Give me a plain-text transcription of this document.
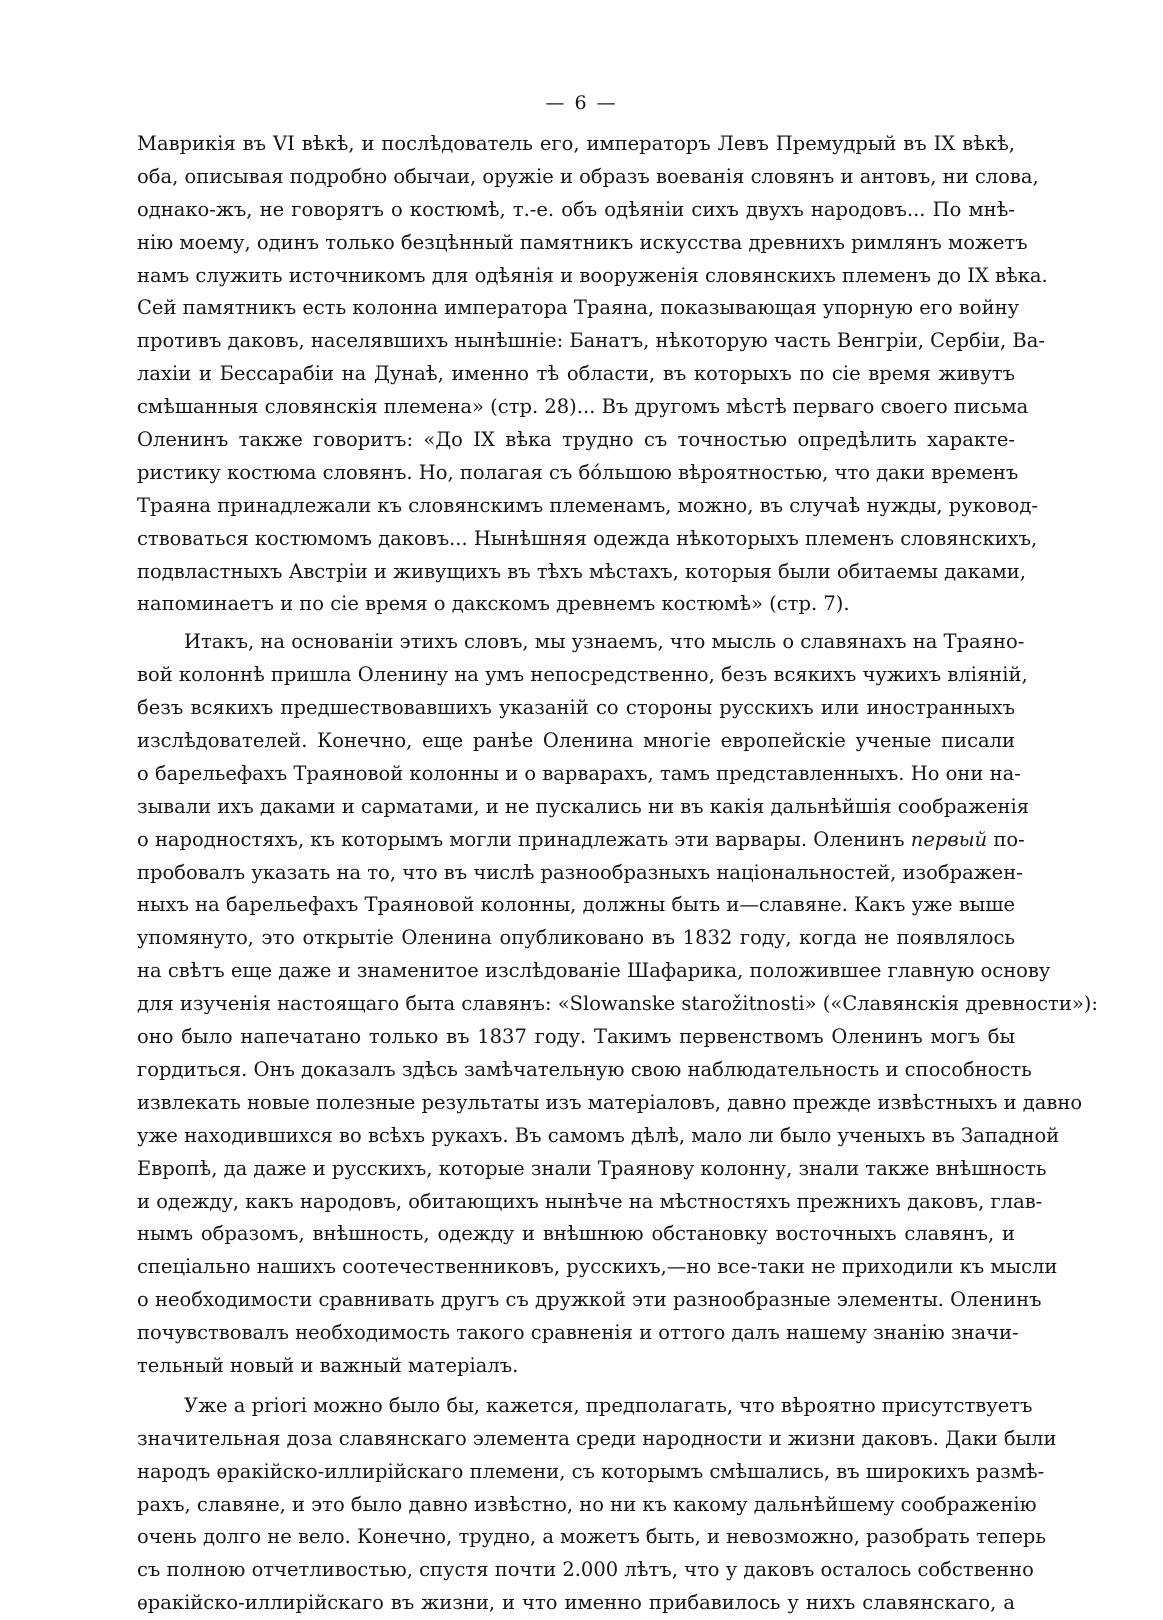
— 6 —
Маврикія въ VI вѣкѣ, и послѣдователь его, императоръ Левъ Премудрый въ IX вѣкѣ,
оба, описывая подробно обычаи, оружіе и образъ воеванія словянъ и антовъ, ни слова,
однако-жъ, не говорятъ о костюмѣ, т.-е. объ одѣяніи сихъ двухъ народовъ... По мнѣ-
нію моему, одинъ только безцѣнный памятникъ искусства древнихъ римлянъ можетъ
намъ служить источникомъ для одѣянія и вооруженія словянскихъ племенъ до IX вѣка.
Сей памятникъ есть колонна императора Траяна, показывающая упорную его войну
противъ даковъ, населявшихъ нынѣшніе: Банатъ, нѣкоторую часть Венгріи, Сербіи, Ва-
лахіи и Бессарабіи на Дунаѣ, именно тѣ области, въ которыхъ по сіе время живутъ
смѣшанныя словянскія племена» (стр. 28)... Въ другомъ мѣстѣ перваго своего письма
Оленинъ также говоритъ: «До IX вѣка трудно съ точностью опредѣлить характе-
ристику костюма словянъ. Но, полагая съ бо́льшою вѣроятностью, что даки временъ
Траяна принадлежали къ словянскимъ племенамъ, можно, въ случаѣ нужды, руковод-
ствоваться костюмомъ даковъ... Нынѣшняя одежда нѣкоторыхъ племенъ словянскихъ,
подвластныхъ Австріи и живущихъ въ тѣхъ мѣстахъ, которыя были обитаемы даками,
напоминаетъ и по сіе время о дакскомъ древнемъ костюмѣ» (стр. 7).
Итакъ, на основаніи этихъ словъ, мы узнаемъ, что мысль о славянахъ на Траяно-
вой колоннѣ пришла Оленину на умъ непосредственно, безъ всякихъ чужихъ вліяній,
безъ всякихъ предшествовавшихъ указаній со стороны русскихъ или иностранныхъ
изслѣдователей. Конечно, еще ранѣе Оленина многіе европейскіе ученые писали
о барельефахъ Траяновой колонны и о варварахъ, тамъ представленныхъ. Но они на-
зывали ихъ даками и сарматами, и не пускались ни въ какія дальнѣйшія соображенія
о народностяхъ, къ которымъ могли принадлежать эти варвары. Оленинъ первый по-
пробовалъ указать на то, что въ числѣ разнообразныхъ національностей, изображен-
ныхъ на барельефахъ Траяновой колонны, должны быть и—славяне. Какъ уже выше
упомянуто, это открытіе Оленина опубликовано въ 1832 году, когда не появлялось
на свѣтъ еще даже и знаменитое изслѣдованіе Шафарика, положившее главную основу
для изученія настоящаго быта славянъ: «Slowanske starožitnosti» («Славянскія древности»):
оно было напечатано только въ 1837 году. Такимъ первенствомъ Оленинъ могъ бы
гордиться. Онъ доказалъ здѣсь замѣчательную свою наблюдательность и способность
извлекать новые полезные результаты изъ матеріаловъ, давно прежде извѣстныхъ и давно
уже находившихся во всѣхъ рукахъ. Въ самомъ дѣлѣ, мало ли было ученыхъ въ Западной
Европѣ, да даже и русскихъ, которые знали Траянову колонну, знали также внѣшность
и одежду, какъ народовъ, обитающихъ нынѣче на мѣстностяхъ прежнихъ даковъ, глав-
нымъ образомъ, внѣшность, одежду и внѣшнюю обстановку восточныхъ славянъ, и
спеціально нашихъ соотечественниковъ, русскихъ,—но все-таки не приходили къ мысли
о необходимости сравнивать другъ съ дружкой эти разнообразные элементы. Оленинъ
почувствовалъ необходимость такого сравненія и оттого далъ нашему знанію значи-
тельный новый и важный матеріалъ.
Уже a priori можно было бы, кажется, предполагать, что вѣроятно присутствуетъ
значительная доза славянскаго элемента среди народности и жизни даковъ. Даки были
народъ ѳракійско-иллирійскаго племени, съ которымъ смѣшались, въ широкихъ размѣ-
рахъ, славяне, и это было давно извѣстно, но ни къ какому дальнѣйшему соображенію
очень долго не вело. Конечно, трудно, а можетъ быть, и невозможно, разобрать теперь
съ полною отчетливостью, спустя почти 2.000 лѣтъ, что у даковъ осталось собственно
ѳракійско-иллирійскаго въ жизни, и что именно прибавилось у нихъ славянскаго, а
